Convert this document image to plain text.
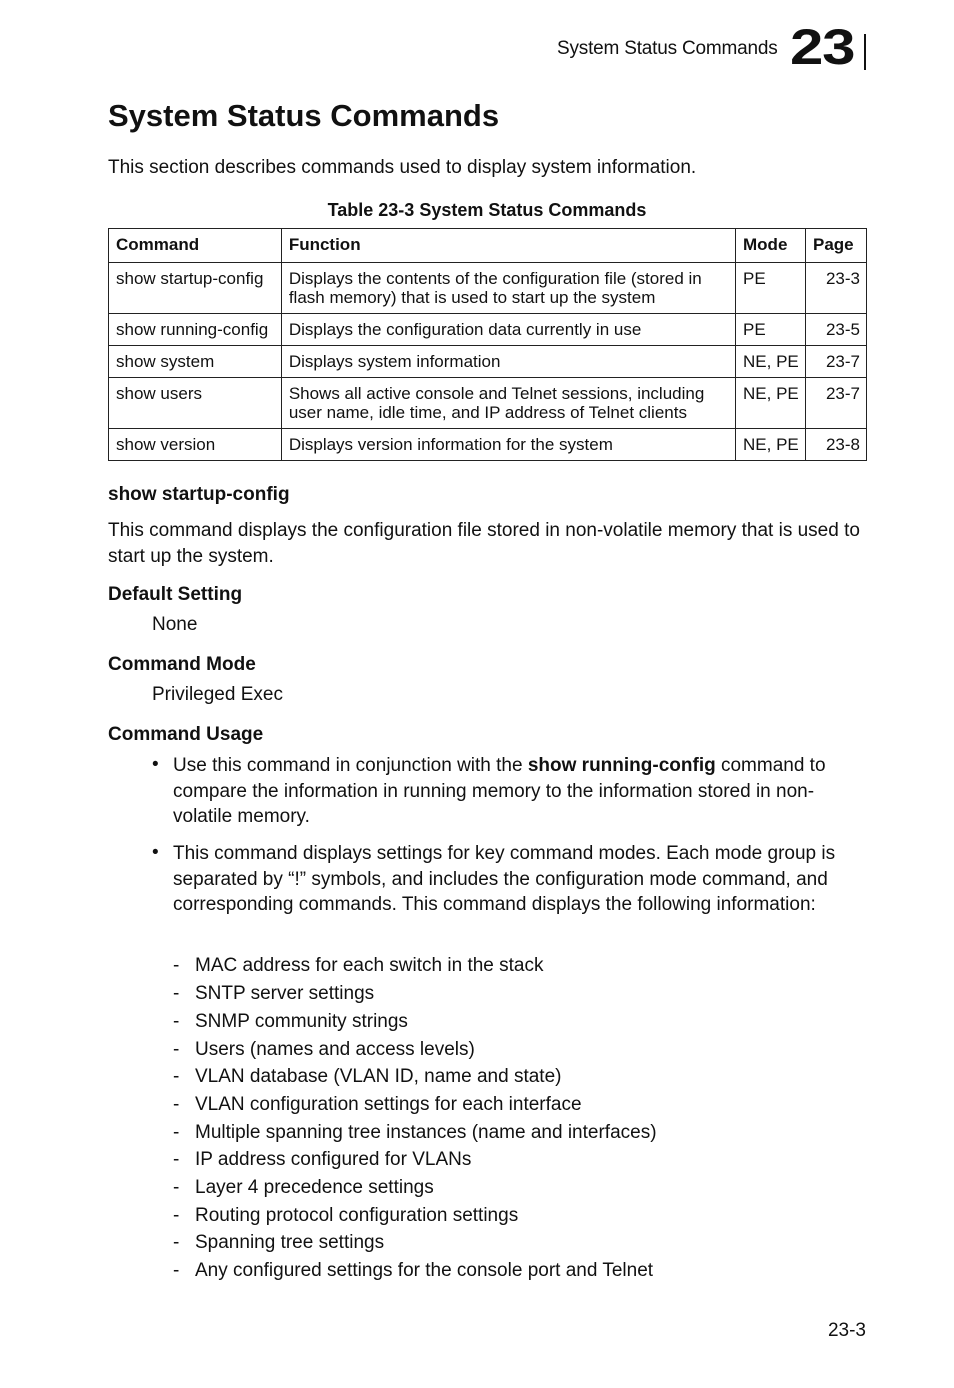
System Status Commands 23
System Status Commands
This section describes commands used to display system information.
Table 23-3 System Status Commands
Command	Function	Mode	Page
show startup-config	Displays the contents of the configuration file (stored in flash memory) that is used to start up the system	PE	23-3
show running-config	Displays the configuration data currently in use	PE	23-5
show system	Displays system information	NE, PE	23-7
show users	Shows all active console and Telnet sessions, including user name, idle time, and IP address of Telnet clients	NE, PE	23-7
show version	Displays version information for the system	NE, PE	23-8
show startup-config
This command displays the configuration file stored in non-volatile memory that is used to start up the system.
Default Setting
None
Command Mode
Privileged Exec
Command Usage
• Use this command in conjunction with the show running-config command to compare the information in running memory to the information stored in non-volatile memory.
• This command displays settings for key command modes. Each mode group is separated by “!” symbols, and includes the configuration mode command, and corresponding commands. This command displays the following information:
- MAC address for each switch in the stack
- SNTP server settings
- SNMP community strings
- Users (names and access levels)
- VLAN database (VLAN ID, name and state)
- VLAN configuration settings for each interface
- Multiple spanning tree instances (name and interfaces)
- IP address configured for VLANs
- Layer 4 precedence settings
- Routing protocol configuration settings
- Spanning tree settings
- Any configured settings for the console port and Telnet
23-3
